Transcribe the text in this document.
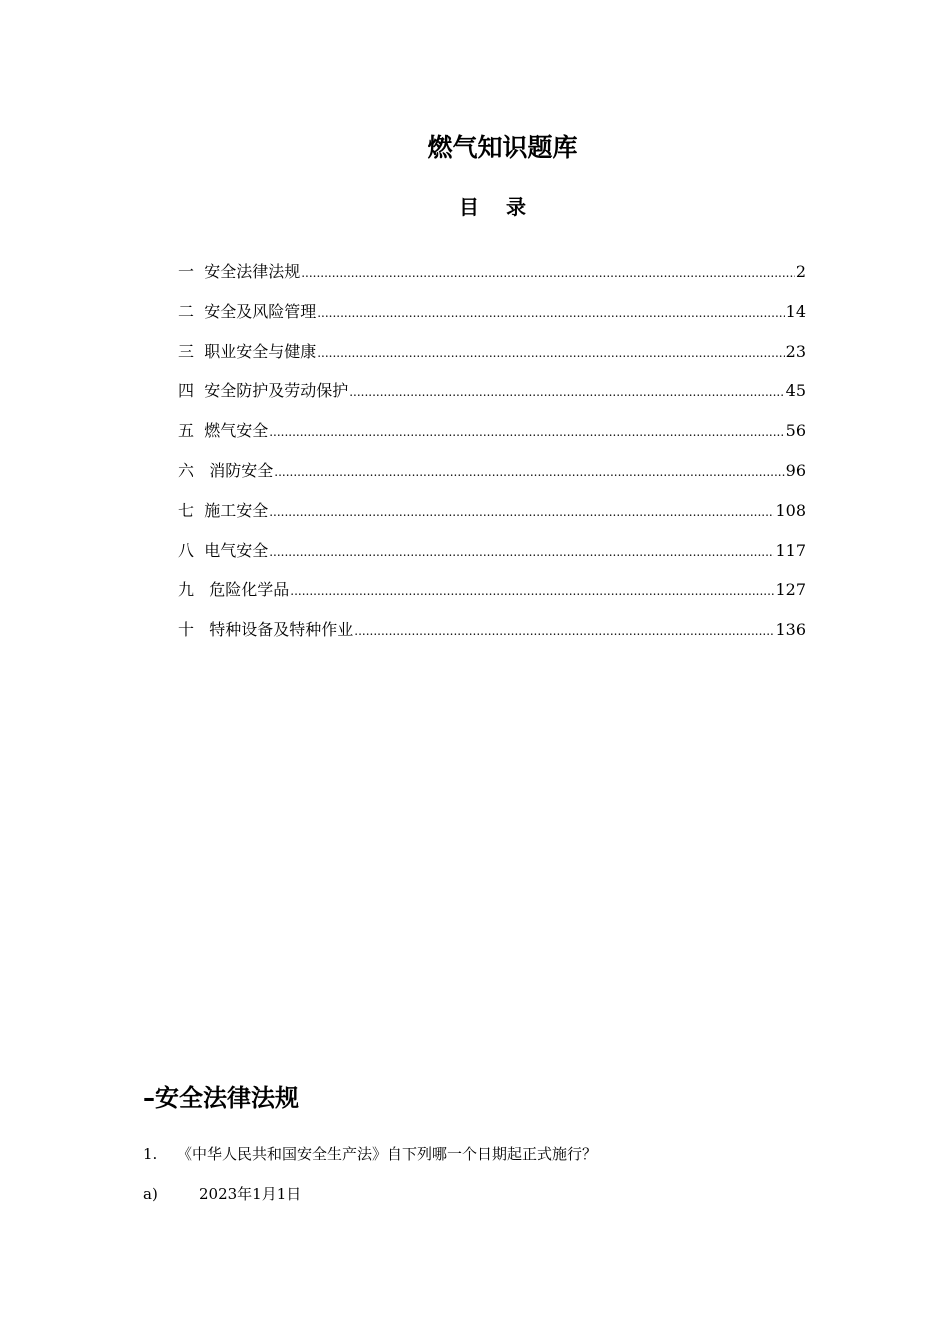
燃气知识题库
目 录
一
安全法律法规 .....	2
二
安全及风险管理 .....	14
三
职业安全与健康 .....	23
四
安全防护及劳动保护 .....	45
五
燃气安全 .....	56
六
消防安全 .....	96
七
施工安全 .....	108
八
电气安全 .....	117
九
危险化学品 .....	127
十
特种设备及特种作业 .....	136
–安全法律法规
1. 《中华人民共和国安全生产法》自下列哪一个日期起正式施行？
a)	2023年1月1日
